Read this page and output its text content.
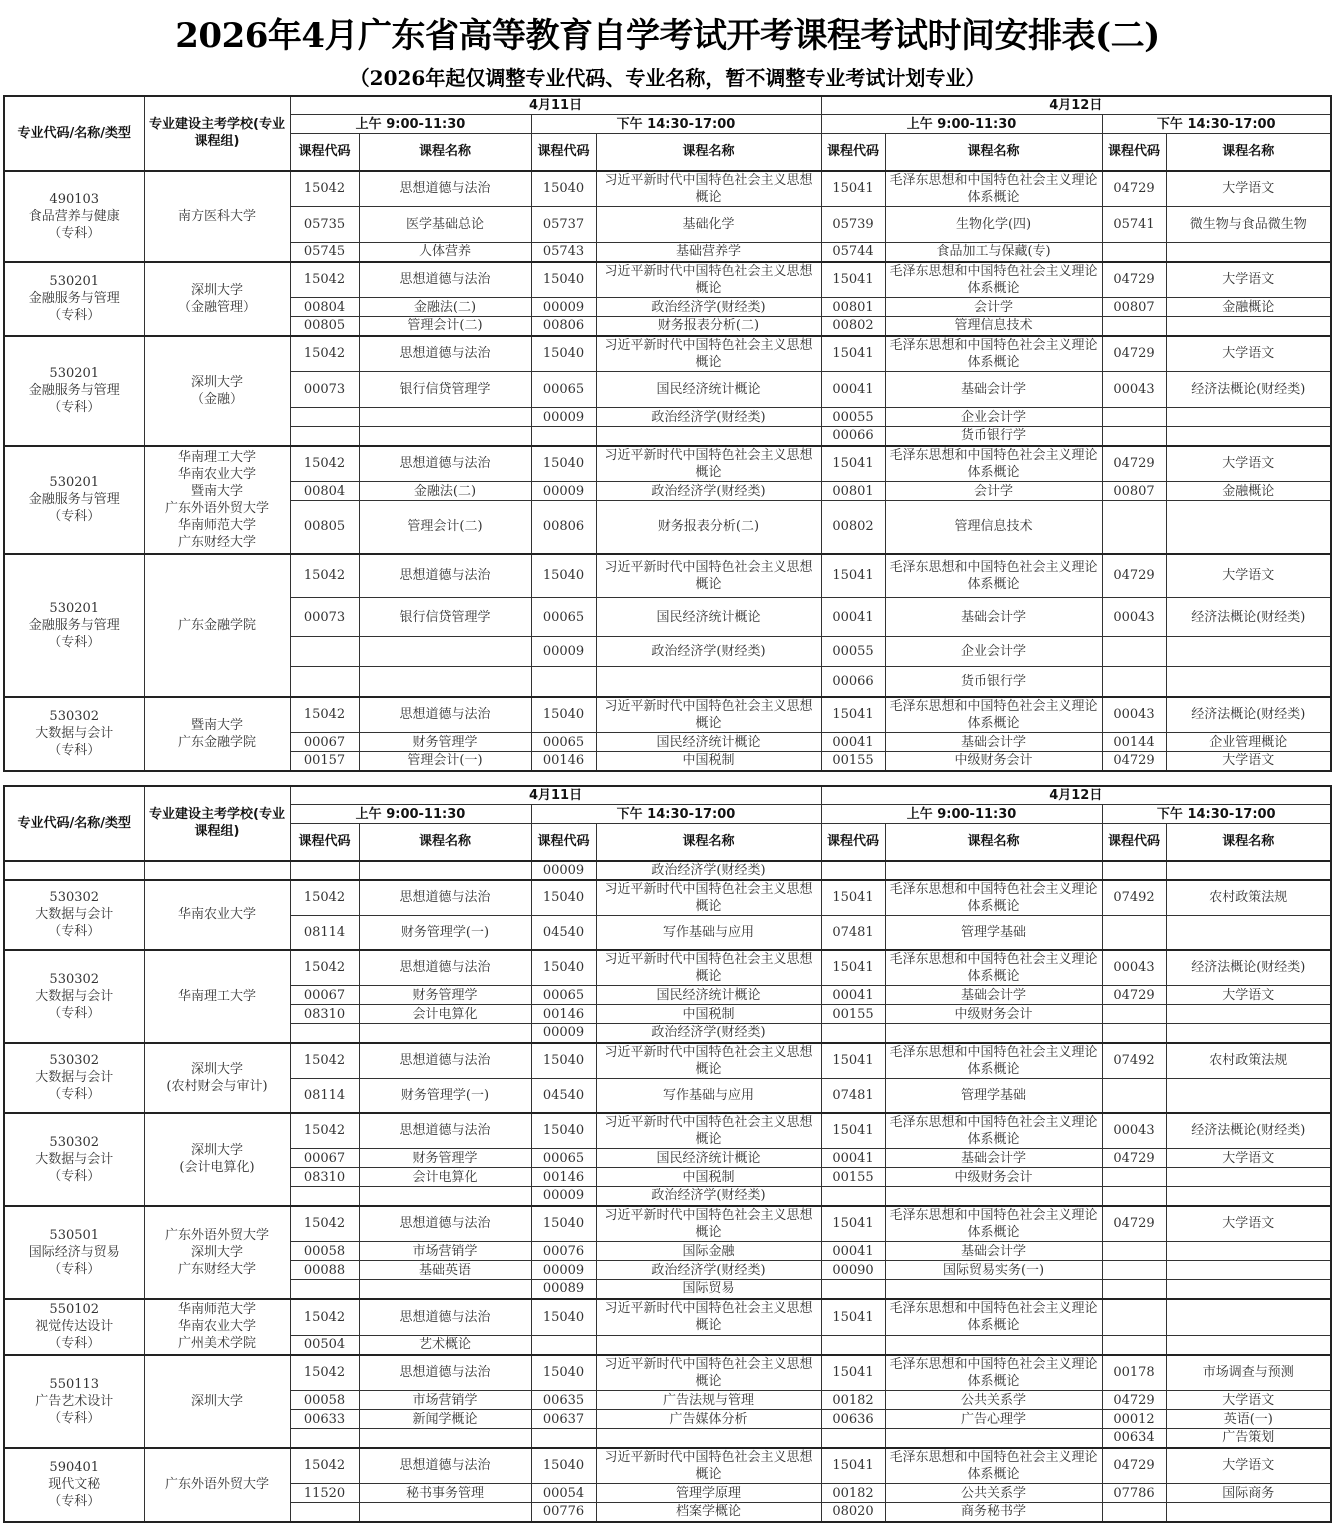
2026年4月广东省高等教育自学考试开考课程考试时间安排表(二)
（2026年起仅调整专业代码、专业名称，暂不调整专业考试计划专业）
专业代码/名称/类型	专业建设主考学校(专业课程组)	4月11日				4月12日			
		上午 9:00-11:30		下午 14:30-17:00		上午 9:00-11:30		下午 14:30-17:00	
		课程代码	课程名称	课程代码	课程名称	课程代码	课程名称	课程代码	课程名称

490103
食品营养与健康
（专科）	南方医科大学	15042	思想道德与法治	15040	习近平新时代中国特色社会主义思想概论	15041	毛泽东思想和中国特色社会主义理论体系概论	04729	大学语文
		05735	医学基础总论	05737	基础化学	05739	生物化学(四)	05741	微生物与食品微生物
		05745	人体营养	05743	基础营养学	05744	食品加工与保藏(专)		

530201
金融服务与管理
（专科）

深圳大学
（金融管理）
	15042	思想道德与法治	15040	习近平新时代中国特色社会主义思想概论	15041	毛泽东思想和中国特色社会主义理论体系概论	04729	大学语文
		00804	金融法(二)	00009	政治经济学(财经类)	00801	会计学	00807	金融概论
		00805	管理会计(二)	00806	财务报表分析(二)	00802	管理信息技术		

530201
金融服务与管理
（专科）

深圳大学
（金融）
	15042	思想道德与法治	15040	习近平新时代中国特色社会主义思想概论	15041	毛泽东思想和中国特色社会主义理论体系概论	04729	大学语文
		00073	银行信贷管理学	00065	国民经济统计概论	00041	基础会计学	00043	经济法概论(财经类)
				00009	政治经济学(财经类)	00055	企业会计学		
						00066	货币银行学		

530201
金融服务与管理
（专科）

华南理工大学
华南农业大学
暨南大学
广东外语外贸大学
华南师范大学
广东财经大学
	15042	思想道德与法治	15040	习近平新时代中国特色社会主义思想概论	15041	毛泽东思想和中国特色社会主义理论体系概论	04729	大学语文
		00804	金融法(二)	00009	政治经济学(财经类)	00801	会计学	00807	金融概论
		00805	管理会计(二)	00806	财务报表分析(二)	00802	管理信息技术		

530201
金融服务与管理
（专科）	广东金融学院	15042	思想道德与法治	15040	习近平新时代中国特色社会主义思想概论	15041	毛泽东思想和中国特色社会主义理论体系概论	04729	大学语文
		00073	银行信贷管理学	00065	国民经济统计概论	00041	基础会计学	00043	经济法概论(财经类)
				00009	政治经济学(财经类)	00055	企业会计学		
						00066	货币银行学		

530302
大数据与会计
（专科）

暨南大学
广东金融学院
	15042	思想道德与法治	15040	习近平新时代中国特色社会主义思想概论	15041	毛泽东思想和中国特色社会主义理论体系概论	00043	经济法概论(财经类)
		00067	财务管理学	00065	国民经济统计概论	00041	基础会计学	00144	企业管理概论
		00157	管理会计(一)	00146	中国税制	00155	中级财务会计	04729	大学语文
专业代码/名称/类型	专业建设主考学校(专业课程组)	4月11日				4月12日			
		上午 9:00-11:30		下午 14:30-17:00		上午 9:00-11:30		下午 14:30-17:00	
		课程代码	课程名称	课程代码	课程名称	课程代码	课程名称	课程代码	课程名称
				00009	政治经济学(财经类)				

530302
大数据与会计
（专科）	华南农业大学	15042	思想道德与法治	15040	习近平新时代中国特色社会主义思想概论	15041	毛泽东思想和中国特色社会主义理论体系概论	07492	农村政策法规
		08114	财务管理学(一)	04540	写作基础与应用	07481	管理学基础		

530302
大数据与会计
（专科）	华南理工大学	15042	思想道德与法治	15040	习近平新时代中国特色社会主义思想概论	15041	毛泽东思想和中国特色社会主义理论体系概论	00043	经济法概论(财经类)
		00067	财务管理学	00065	国民经济统计概论	00041	基础会计学	04729	大学语文
		08310	会计电算化	00146	中国税制	00155	中级财务会计		
				00009	政治经济学(财经类)				

530302
大数据与会计
（专科）

深圳大学
(农村财会与审计)
	15042	思想道德与法治	15040	习近平新时代中国特色社会主义思想概论	15041	毛泽东思想和中国特色社会主义理论体系概论	07492	农村政策法规
		08114	财务管理学(一)	04540	写作基础与应用	07481	管理学基础		

530302
大数据与会计
（专科）

深圳大学
(会计电算化)
	15042	思想道德与法治	15040	习近平新时代中国特色社会主义思想概论	15041	毛泽东思想和中国特色社会主义理论体系概论	00043	经济法概论(财经类)
		00067	财务管理学	00065	国民经济统计概论	00041	基础会计学	04729	大学语文
		08310	会计电算化	00146	中国税制	00155	中级财务会计		
				00009	政治经济学(财经类)				

530501
国际经济与贸易
（专科）

广东外语外贸大学
深圳大学
广东财经大学
	15042	思想道德与法治	15040	习近平新时代中国特色社会主义思想概论	15041	毛泽东思想和中国特色社会主义理论体系概论	04729	大学语文
		00058	市场营销学	00076	国际金融	00041	基础会计学		
		00088	基础英语	00009	政治经济学(财经类)	00090	国际贸易实务(一)		
				00089	国际贸易				

550102
视觉传达设计
（专科）

华南师范大学
华南农业大学
广州美术学院
	15042	思想道德与法治	15040	习近平新时代中国特色社会主义思想概论	15041	毛泽东思想和中国特色社会主义理论体系概论		
		00504	艺术概论						

550113
广告艺术设计
（专科）	深圳大学	15042	思想道德与法治	15040	习近平新时代中国特色社会主义思想概论	15041	毛泽东思想和中国特色社会主义理论体系概论	00178	市场调查与预测
		00058	市场营销学	00635	广告法规与管理	00182	公共关系学	04729	大学语文
		00633	新闻学概论	00637	广告媒体分析	00636	广告心理学	00012	英语(一)
								00634	广告策划

590401
现代文秘
（专科）	广东外语外贸大学	15042	思想道德与法治	15040	习近平新时代中国特色社会主义思想概论	15041	毛泽东思想和中国特色社会主义理论体系概论	04729	大学语文
		11520	秘书事务管理	00054	管理学原理	00182	公共关系学	07786	国际商务
				00776	档案学概论	08020	商务秘书学		
